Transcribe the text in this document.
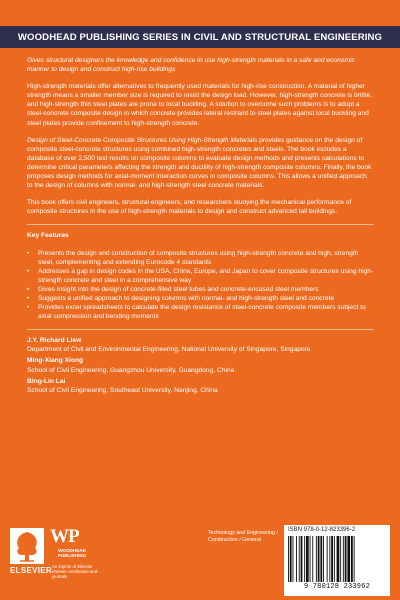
WOODHEAD PUBLISHING SERIES IN CIVIL AND STRUCTURAL ENGINEERING

Gives structural designers the knowledge and confidence to use high-strength materials in a safe and economic manner to design and construct high-rise buildings

High-strength materials offer alternatives to frequently used materials for high-rise construction. A material of higher strength means a smaller member size is required to resist the design load. However, high-strength concrete is brittle, and high-strength thin steel plates are prone to local buckling. A solution to overcome such problems is to adopt a steel-concrete composite design in which concrete provides lateral restraint to steel plates against local buckling and steel plates provide confinement to high-strength concrete.

Design of Steel-Concrete Composite Structures Using High-Strength Materials provides guidance on the design of composite steel-concrete structures using combined high-strength concretes and steels. The book includes a database of over 2,500 test results on composite columns to evaluate design methods and presents calculations to determine critical parameters affecting the strength and ductility of high-strength composite columns. Finally, the book proposes design methods for axial-moment interaction curves in composite columns. This allows a unified approach to the design of columns with normal- and high-strength steel concrete materials.

This book offers civil engineers, structural engineers, and researchers studying the mechanical performance of composite structures in the use of high-strength materials to design and construct advanced tall buildings.

Key Features

• Presents the design and construction of composite structures using high-strength concrete and high, strength steel, complementing and extending Eurocode 4 standards
• Addresses a gap in design codes in the USA, China, Europe, and Japan to cover composite structures using high-strength concrete and steel in a comprehensive way
• Gives insight into the design of concrete-filled steel tubes and concrete-encased steel members
• Suggests a unified approach to designing columns with normal- and high-strength steel and concrete
• Provides excel spreadsheets to calculate the design resistance of steel-concrete composite members subject to axial compression and bending moments
J.Y. Richard Liew
Department of Civil and Environmental Engineering, National University of Singapore, Singapore
Ming-Xiang Xiong
School of Civil Engineering, Guangzhou University, Guangdong, China
Bing-Lin Lai
School of Civil Engineering, Southeast University, Nanjing, China
WP
WOODHEAD PUBLISHING
ELSEVIER An imprint of Elsevier
elsevier.com/books-and-journals
Technology and Engineering / Construction / General
ISBN 978-0-12-823396-2
9 780128 233962
